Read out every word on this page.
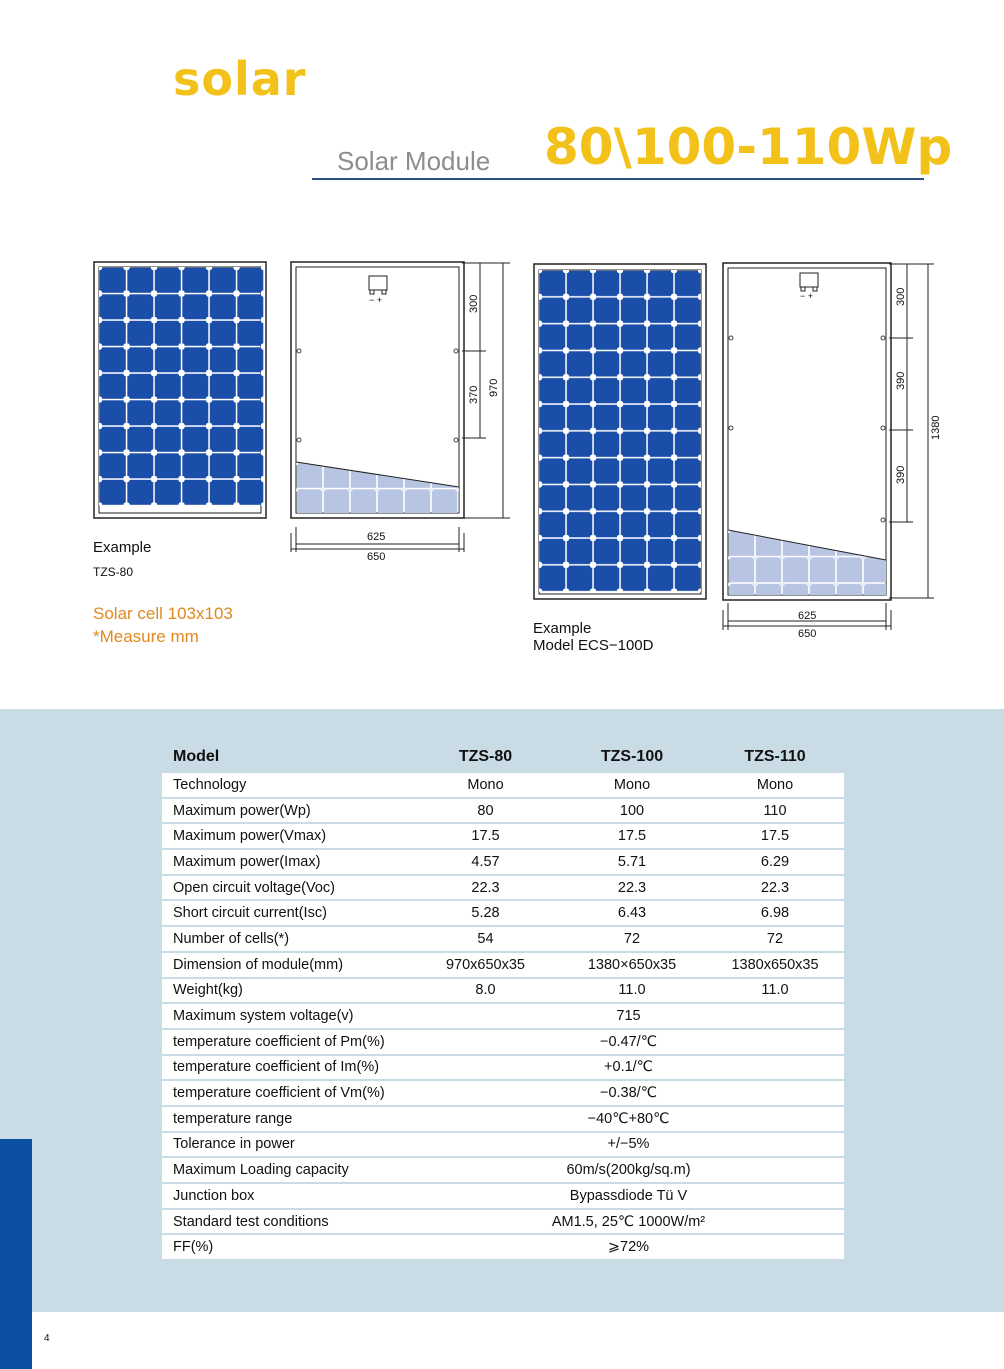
solar
Solar Module 80\100-110Wp
− +	300
370 970
625
650
− +	300
390
390
1380
625
650
Example
TZS-80
Solar cell 103x103
*Measure mm	Example
Model ECS−100D
Model	TZS-80	TZS-100	TZS-110
Technology	Mono	Mono	Mono
Maximum power(Wp)	80	100	110
Maximum power(Vmax)	17.5	17.5	17.5
Maximum power(Imax)	4.57	5.71	6.29
Open circuit voltage(Voc)	22.3	22.3	22.3
Short circuit current(Isc)	5.28	6.43	6.98
Number of cells(*)	54	72	72
Dimension of module(mm)	970x650x35	1380×650x35	1380x650x35
Weight(kg)	8.0	11.0	11.0
Maximum system voltage(v)	715		
temperature coefficient of Pm(%)	−0.47/℃		
temperature coefficient of Im(%)	+0.1/℃		
temperature coefficient of Vm(%)	−0.38/℃		
temperature range	−40℃+80℃		
Tolerance in power	+/−5%		
Maximum Loading capacity	60m/s(200kg/sq.m)		
Junction box	Bypassdiode Tü V		
Standard test conditions	AM1.5, 25℃ 1000W/m²		
FF(%)	⩾72%		
4
